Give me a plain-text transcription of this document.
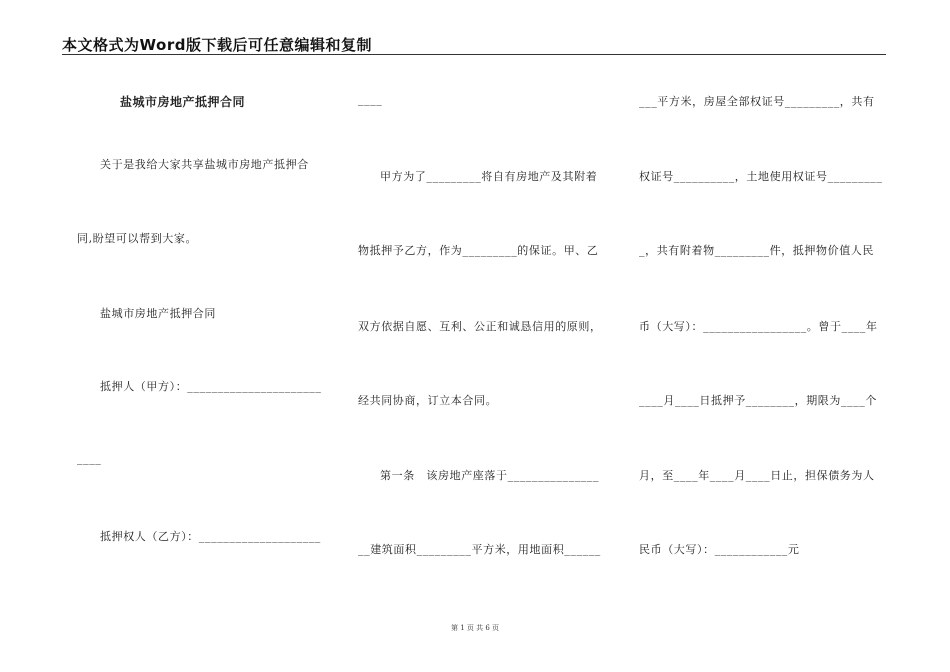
本文格式为Word版下载后可任意编辑和复制
盐城市房地产抵押合同
关于是我给大家共享盐城市房地产抵押合
同,盼望可以帮到大家。
盐城市房地产抵押合同
抵押人（甲方）：______________________
____
抵押权人（乙方）：____________________
____
甲方为了_________将自有房地产及其附着
物抵押予乙方，作为_________的保证。甲、乙
双方依据自愿、互利、公正和诚恳信用的原则，
经共同协商，订立本合同。
第一条　该房地产座落于_______________
__建筑面积_________平方米，用地面积______
___平方米，房屋全部权证号_________，共有
权证号__________，土地使用权证号_________
_，共有附着物_________件，抵押物价值人民
币（大写）：_________________。曾于____年
____月____日抵押予________，期限为____个
月，至____年____月____日止，担保债务为人
民币（大写）：____________元
第 1 页 共 6 页
